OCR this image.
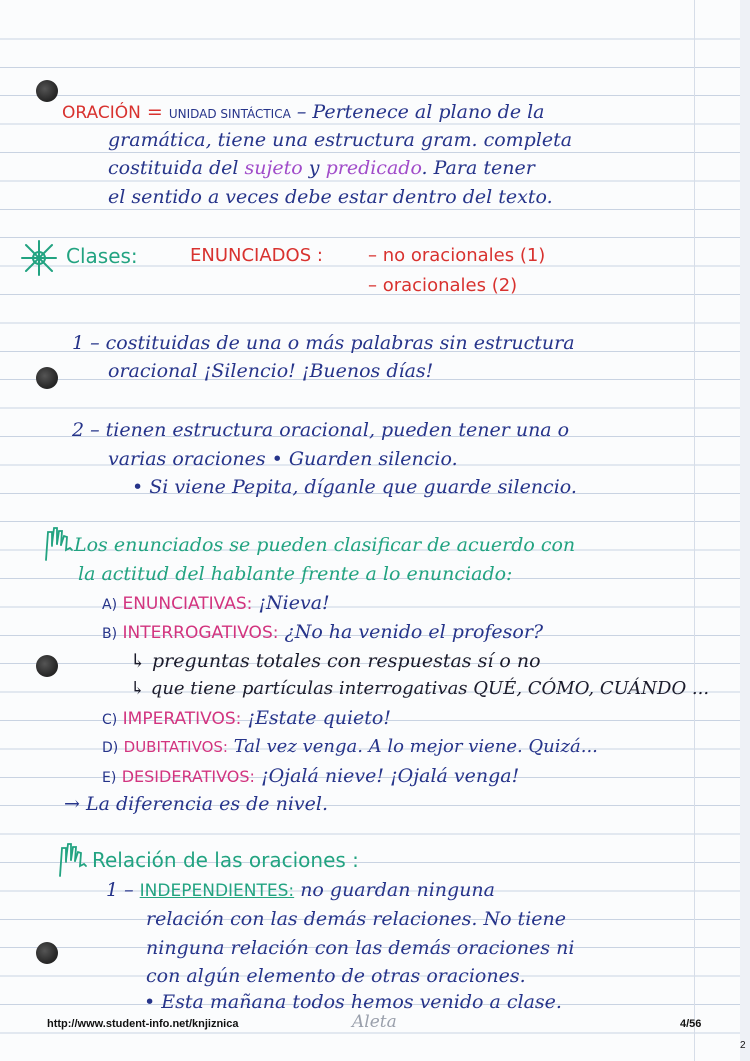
ORACIÓN = UNIDAD SINTÁCTICA – Pertenece al plano de la
gramática, tiene una estructura gram. completa
costituida del sujeto y predicado. Para tener
el sentido a veces debe estar dentro del texto.
Clases:	ENUNCIADOS :	– no oracionales (1)
– oracionales (2)
1 – costituidas de una o más palabras sin estructura
oracional ¡Silencio! ¡Buenos días!
2 – tienen estructura oracional, pueden tener una o
varias oraciones • Guarden silencio.
• Si viene Pepita, díganle que guarde silencio.
Los enunciados se pueden clasificar de acuerdo con
la actitud del hablante frente a lo enunciado:
A) ENUNCIATIVAS: ¡Nieva!
B) INTERROGATIVOS: ¿No ha venido el profesor?
↳ preguntas totales con respuestas sí o no
↳ que tiene partículas interrogativas QUÉ, CÓMO, CUÁNDO ...
C) IMPERATIVOS: ¡Estate quieto!
D) DUBITATIVOS: Tal vez venga. A lo mejor viene. Quizá...
E) DESIDERATIVOS: ¡Ojalá nieve! ¡Ojalá venga!
→ La diferencia es de nivel.
Relación de las oraciones :
1 – INDEPENDIENTES: no guardan ninguna
relación con las demás relaciones. No tiene
ninguna relación con las demás oraciones ni
con algún elemento de otras oraciones.
• Esta mañana todos hemos venido a clase.
http://www.student-info.net/knjiznica	Aleta	4/56
2
